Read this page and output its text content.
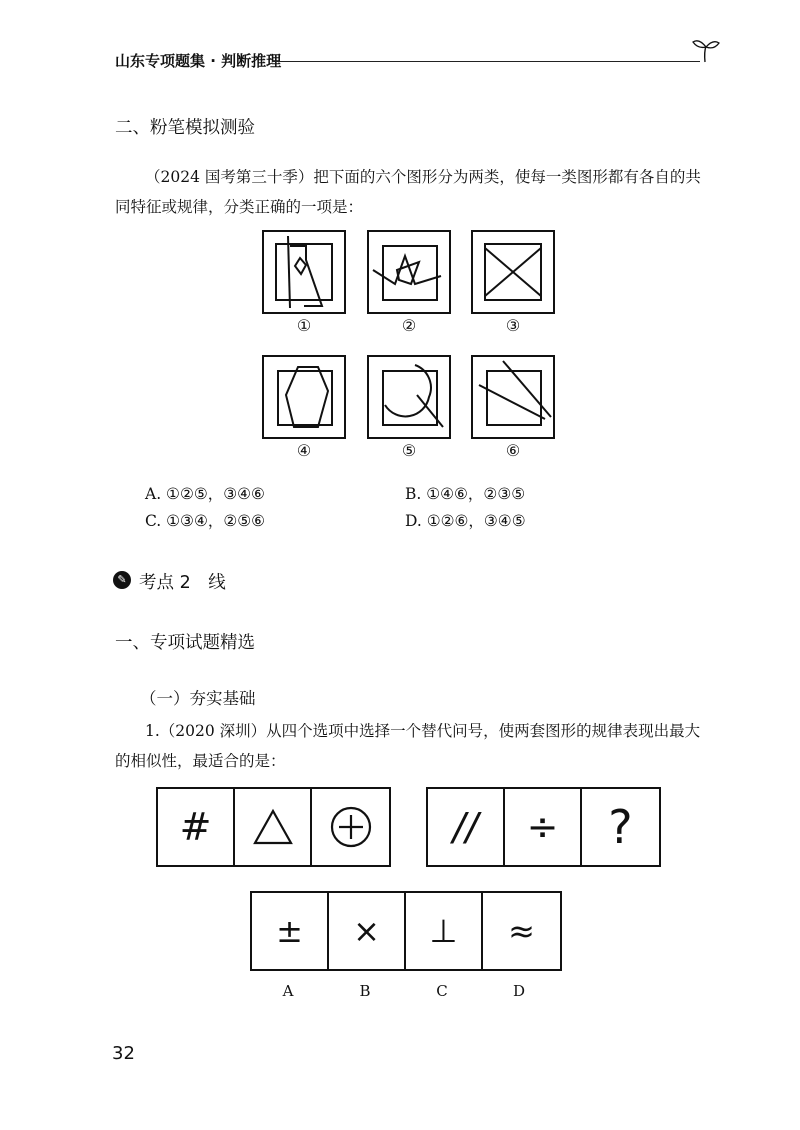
山东专项题集 · 判断推理
二、粉笔模拟测验
（2024 国考第三十季）把下面的六个图形分为两类，使每一类图形都有各自的共同特征或规律，分类正确的一项是：
①	②	③
④	⑤	⑥
A. ①②⑤，③④⑥	B. ①④⑥，②③⑤
C. ①③④，②⑤⑥	D. ①②⑥，③④⑤
✎ 考点 2　线
一、专项试题精选
（一）夯实基础
1.（2020 深圳）从四个选项中选择一个替代问号，使两套图形的规律表现出最大的相似性，最适合的是：
#	//	÷	?
±	×	⊥	≈
A	B	C	D
32
